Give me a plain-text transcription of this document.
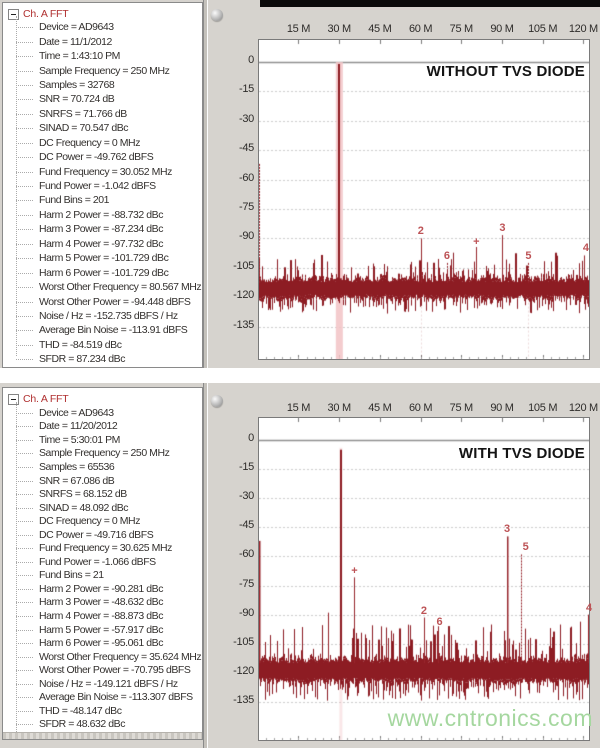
Ch. A FFT
Device = AD9643
Date = 11/1/2012
Time = 1:43:10 PM
Sample Frequency = 250 MHz
Samples = 32768
SNR = 70.724 dB
SNRFS = 71.766 dB
SINAD = 70.547 dBc
DC Frequency = 0 MHz
DC Power = -49.762 dBFS
Fund Frequency = 30.052 MHz
Fund Power = -1.042 dBFS
Fund Bins = 201
Harm 2 Power = -88.732 dBc
Harm 3 Power = -87.234 dBc
Harm 4 Power = -97.732 dBc
Harm 5 Power = -101.729 dBc
Harm 6 Power = -101.729 dBc
Worst Other Frequency = 80.567 MHz
Worst Other Power = -94.448 dBFS
Noise / Hz = -152.735 dBFS / Hz
Average Bin Noise = -113.91 dBFS
THD = -84.519 dBc
SFDR = 87.234 dBc
WITHOUT TVS DIODE
0
-15
-30
-45
-60
-75
-90
-105
-120
-135
15 M	30 M	45 M	60 M	75 M	90 M	105 M	120 M
2
6
+
3
5
4
Ch. A FFT
Device = AD9643
Date = 11/20/2012
Time = 5:30:01 PM
Sample Frequency = 250 MHz
Samples = 65536
SNR = 67.086 dB
SNRFS = 68.152 dB
SINAD = 48.092 dBc
DC Frequency = 0 MHz
DC Power = -49.716 dBFS
Fund Frequency = 30.625 MHz
Fund Power = -1.066 dBFS
Fund Bins = 21
Harm 2 Power = -90.281 dBc
Harm 3 Power = -48.632 dBc
Harm 4 Power = -88.873 dBc
Harm 5 Power = -57.917 dBc
Harm 6 Power = -95.061 dBc
Worst Other Frequency = 35.624 MHz
Worst Other Power = -70.795 dBFS
Noise / Hz = -149.121 dBFS / Hz
Average Bin Noise = -113.307 dBFS
THD = -48.147 dBc
SFDR = 48.632 dBc
WITH TVS DIODE
www.cntronics.com
0
-15
-30
-45
-60
-75
-90
-105
-120
-135
15 M	30 M	45 M	60 M	75 M	90 M	105 M	120 M
+
2
6
3
5
4
